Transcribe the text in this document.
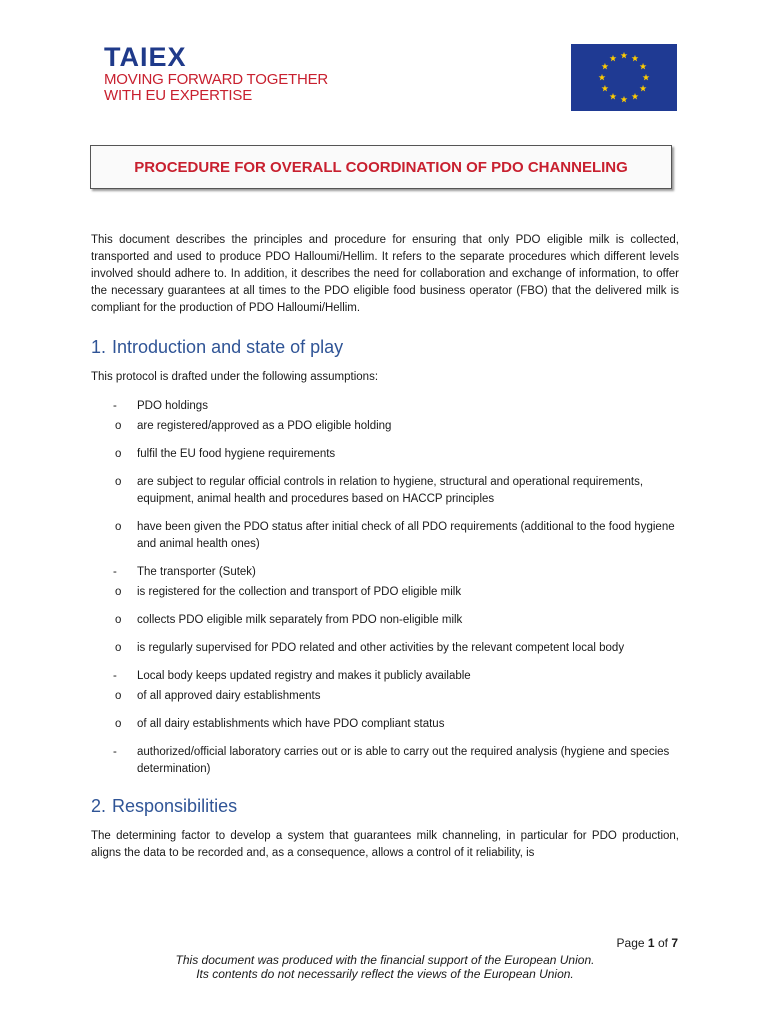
TAIEX
MOVING FORWARD TOGETHER
WITH EU EXPERTISE
PROCEDURE FOR OVERALL COORDINATION OF PDO CHANNELING

This document describes the principles and procedure for ensuring that only PDO eligible milk is collected, transported and used to produce PDO Halloumi/Hellim. It refers to the separate procedures which different levels involved should adhere to. In addition, it describes the need for collaboration and exchange of information, to offer the necessary guarantees at all times to the PDO eligible food business operator (FBO) that the delivered milk is compliant for the production of PDO Halloumi/Hellim.

1. Introduction and state of play

This protocol is drafted under the following assumptions:

- PDO holdings
o are registered/approved as a PDO eligible holding
o fulfil the EU food hygiene requirements
o are subject to regular official controls in relation to hygiene, structural and operational requirements, equipment, animal health and procedures based on HACCP principles
o have been given the PDO status after initial check of all PDO requirements (additional to the food hygiene and animal health ones)
- The transporter (Sutek)
o is registered for the collection and transport of PDO eligible milk
o collects PDO eligible milk separately from PDO non-eligible milk
o is regularly supervised for PDO related and other activities by the relevant competent local body
- Local body keeps updated registry and makes it publicly available
o of all approved dairy establishments
o of all dairy establishments which have PDO compliant status
- authorized/official laboratory carries out or is able to carry out the required analysis (hygiene and species determination)
2. Responsibilities

The determining factor to develop a system that guarantees milk channeling, in particular for PDO production, aligns the data to be recorded and, as a consequence, allows a control of it reliability, is

Page 1 of 7
This document was produced with the financial support of the European Union.
Its contents do not necessarily reflect the views of the European Union.
